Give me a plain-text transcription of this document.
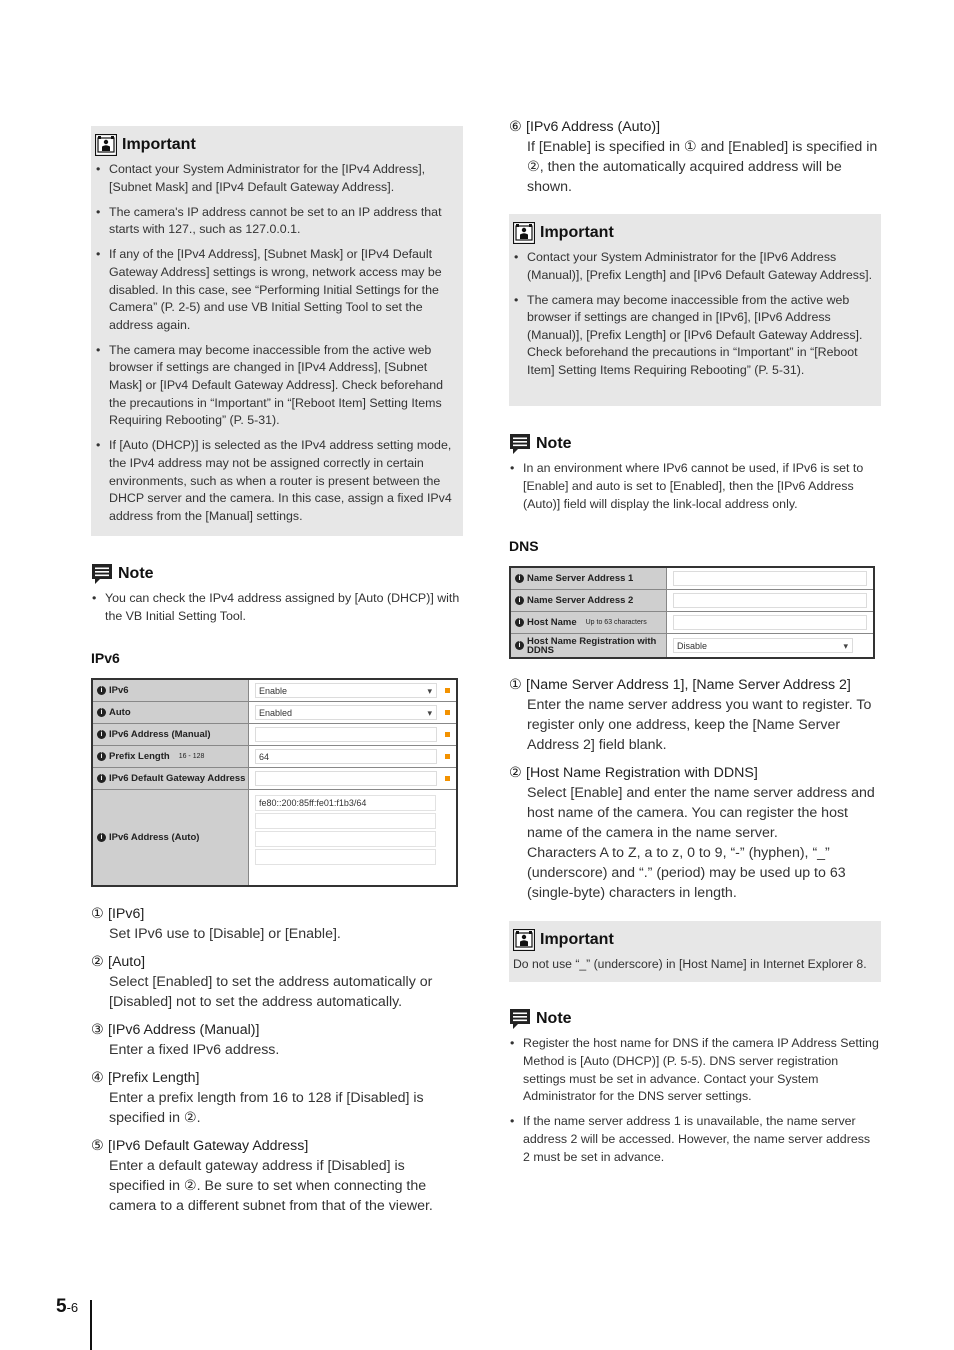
Important
• Contact your System Administrator for the [IPv4 Address], [Subnet Mask] and [IPv4 Default Gateway Address].
• The camera's IP address cannot be set to an IP address that starts with 127., such as 127.0.0.1.
• If any of the [IPv4 Address], [Subnet Mask] or [IPv4 Default Gateway Address] settings is wrong, network access may be disabled. In this case, see “Performing Initial Settings for the Camera” (P. 2-5) and use VB Initial Setting Tool to set the address again.
• The camera may become inaccessible from the active web browser if settings are changed in [IPv4 Address], [Subnet Mask] or [IPv4 Default Gateway Address]. Check beforehand the precautions in “Important” in “[Reboot Item] Setting Items Requiring Rebooting” (P. 5-31).
• If [Auto (DHCP)] is selected as the IPv4 address setting mode, the IPv4 address may not be assigned correctly in certain environments, such as when a router is present between the DHCP server and the camera. In this case, assign a fixed IPv4 address from the [Manual] settings.
Note
• You can check the IPv4 address assigned by [Auto (DHCP)] with the VB Initial Setting Tool.
IPv6
i IPv6	Enable ▾
i Auto	Enabled ▾
i IPv6 Address (Manual)
i Prefix Length 16 - 128	64
i IPv6 Default Gateway Address
i IPv6 Address (Auto)
fe80::200:85ff:fe01:f1b3/64
① [IPv6]
Set IPv6 use to [Disable] or [Enable].
② [Auto]
Select [Enabled] to set the address automatically or [Disabled] not to set the address automatically.
③ [IPv6 Address (Manual)]
Enter a fixed IPv6 address.
④ [Prefix Length]
Enter a prefix length from 16 to 128 if [Disabled] is specified in ②.
⑤ [IPv6 Default Gateway Address]
Enter a default gateway address if [Disabled] is specified in ②. Be sure to set when connecting the camera to a different subnet from that of the viewer.
⑥ [IPv6 Address (Auto)]
If [Enable] is specified in ① and [Enabled] is specified in ②, then the automatically acquired address will be shown.
Important
• Contact your System Administrator for the [IPv6 Address (Manual)], [Prefix Length] and [IPv6 Default Gateway Address].
• The camera may become inaccessible from the active web browser if settings are changed in [IPv6], [IPv6 Address (Manual)], [Prefix Length] or [IPv6 Default Gateway Address]. Check beforehand the precautions in “Important” in “[Reboot Item] Setting Items Requiring Rebooting” (P. 5-31).
Note
• In an environment where IPv6 cannot be used, if IPv6 is set to [Enable] and auto is set to [Enabled], then the [IPv6 Address (Auto)] field will display the link-local address only.
DNS
i Name Server Address 1
i Name Server Address 2
i Host Name Up to 63 characters
i Host Name Registration with DDNS	Disable ▾
① [Name Server Address 1], [Name Server Address 2]

Enter the name server address you want to register. To register only one address, keep the [Name Server Address 2] field blank.

② [Host Name Registration with DDNS]

Select [Enable] and enter the name server address and host name of the camera. You can register the host name of the camera in the name server.

Characters A to Z, a to z, 0 to 9, “-” (hyphen), “_” (underscore) and “.” (period) may be used up to 63 (single-byte) characters in length.

Important
Do not use “_” (underscore) in [Host Name] in Internet Explorer 8.
Note
• Register the host name for DNS if the camera IP Address Setting Method is [Auto (DHCP)] (P. 5-5). DNS server registration settings must be set in advance. Contact your System Administrator for the DNS server settings.
• If the name server address 1 is unavailable, the name server address 2 will be accessed. However, the name server address 2 must be set in advance.
5-6
